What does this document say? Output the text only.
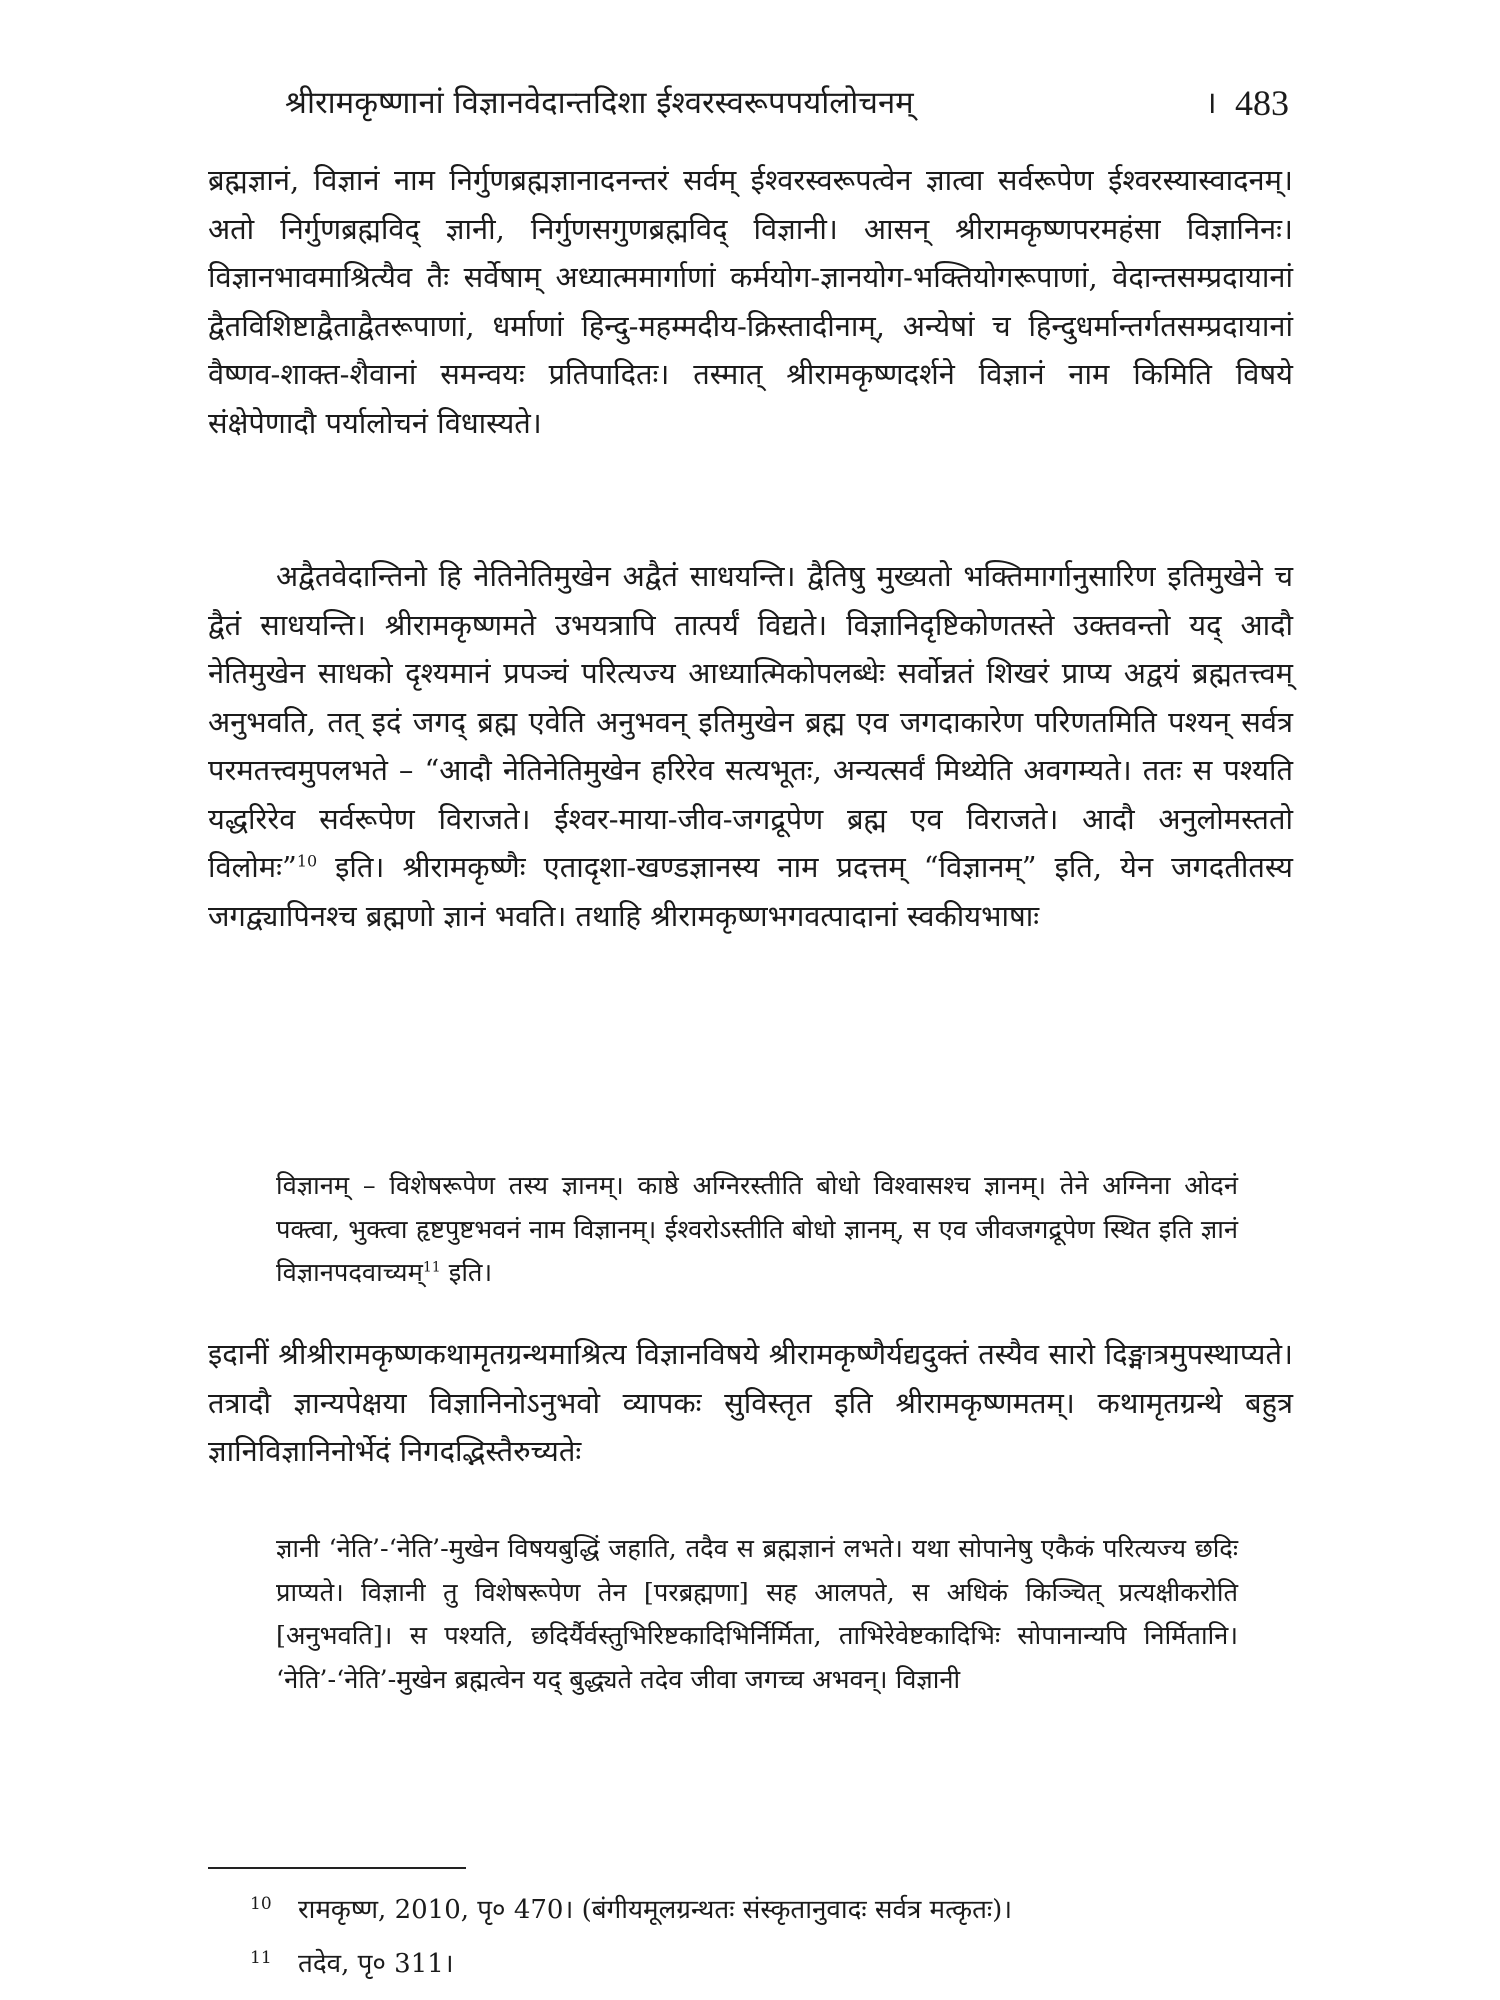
श्रीरामकृष्णानां विज्ञानवेदान्तदिशा ईश्वरस्वरूपपर्यालोचनम्	। 483

ब्रह्मज्ञानं, विज्ञानं नाम निर्गुणब्रह्मज्ञानादनन्तरं सर्वम् ईश्वरस्वरूपत्वेन ज्ञात्वा सर्वरूपेण ईश्वरस्यास्वादनम्। अतो निर्गुणब्रह्मविद् ज्ञानी, निर्गुणसगुणब्रह्मविद् विज्ञानी। आसन् श्रीरामकृष्णपरमहंसा विज्ञानिनः। विज्ञानभावमाश्रित्यैव तैः सर्वेषाम् अध्यात्ममार्गाणां कर्मयोग-ज्ञानयोग-भक्तियोगरूपाणां, वेदान्तसम्प्रदायानां द्वैतविशिष्टाद्वैताद्वैतरूपाणां, धर्माणां हिन्दु-महम्मदीय-क्रिस्तादीनाम्, अन्येषां च हिन्दुधर्मान्तर्गतसम्प्रदायानां वैष्णव-शाक्त-शैवानां समन्वयः प्रतिपादितः। तस्मात् श्रीरामकृष्णदर्शने विज्ञानं नाम किमिति विषये संक्षेपेणादौ पर्यालोचनं विधास्यते।

अद्वैतवेदान्तिनो हि नेतिनेतिमुखेन अद्वैतं साधयन्ति। द्वैतिषु मुख्यतो भक्तिमार्गानुसारिण इतिमुखेने च द्वैतं साधयन्ति। श्रीरामकृष्णमते उभयत्रापि तात्पर्यं विद्यते। विज्ञानिदृष्टिकोणतस्ते उक्तवन्तो यद् आदौ नेतिमुखेन साधको दृश्यमानं प्रपञ्चं परित्यज्य आध्यात्मिकोपलब्धेः सर्वोन्नतं शिखरं प्राप्य अद्वयं ब्रह्मतत्त्वम् अनुभवति, तत् इदं जगद् ब्रह्म एवेति अनुभवन् इतिमुखेन ब्रह्म एव जगदाकारेण परिणतमिति पश्यन् सर्वत्र परमतत्त्वमुपलभते – “आदौ नेतिनेतिमुखेन हरिरेव सत्यभूतः, अन्यत्सर्वं मिथ्येति अवगम्यते। ततः स पश्यति यद्धरिरेव सर्वरूपेण विराजते। ईश्वर-माया-जीव-जगद्रूपेण ब्रह्म एव विराजते। आदौ अनुलोमस्ततो विलोमः”$^{10}$ इति। श्रीरामकृष्णैः एतादृशा-खण्डज्ञानस्य नाम प्रदत्तम् “विज्ञानम्” इति, येन जगदतीतस्य जगद्व्यापिनश्च ब्रह्मणो ज्ञानं भवति। तथाहि श्रीरामकृष्णभगवत्पादानां स्वकीयभाषाः

विज्ञानम् – विशेषरूपेण तस्य ज्ञानम्। काष्ठे अग्निरस्तीति बोधो विश्वासश्च ज्ञानम्। तेने अग्निना ओदनं पक्त्वा, भुक्त्वा हृष्टपुष्टभवनं नाम विज्ञानम्। ईश्वरोऽस्तीति बोधो ज्ञानम्, स एव जीवजगद्रूपेण स्थित इति ज्ञानं विज्ञानपदवाच्यम्$^{11}$ इति।

इदानीं श्रीश्रीरामकृष्णकथामृतग्रन्थमाश्रित्य विज्ञानविषये श्रीरामकृष्णैर्यद्यदुक्तं तस्यैव सारो दिङ्मात्रमुपस्थाप्यते। तत्रादौ ज्ञान्यपेक्षया विज्ञानिनोऽनुभवो व्यापकः सुविस्तृत इति श्रीरामकृष्णमतम्। कथामृतग्रन्थे बहुत्र ज्ञानिविज्ञानिनोर्भेदं निगदद्भिस्तैरुच्यतेः

ज्ञानी ‘नेति’-‘नेति’-मुखेन विषयबुद्धिं जहाति, तदैव स ब्रह्मज्ञानं लभते। यथा सोपानेषु एकैकं परित्यज्य छदिः प्राप्यते। विज्ञानी तु विशेषरूपेण तेन [परब्रह्मणा] सह आलपते, स अधिकं किञ्चित् प्रत्यक्षीकरोति [अनुभवति]। स पश्यति, छदिर्यैर्वस्तुभिरिष्टकादिभिर्निर्मिता, ताभिरेवेष्टकादिभिः सोपानान्यपि निर्मितानि। ‘नेति’-‘नेति’-मुखेन ब्रह्मत्वेन यद् बुद्ध्यते तदेव जीवा जगच्च अभवन्। विज्ञानी

10 रामकृष्ण, 2010, पृ० 470। (बंगीयमूलग्रन्थतः संस्कृतानुवादः सर्वत्र मत्कृतः)।
11 तदेव, पृ० 311।
